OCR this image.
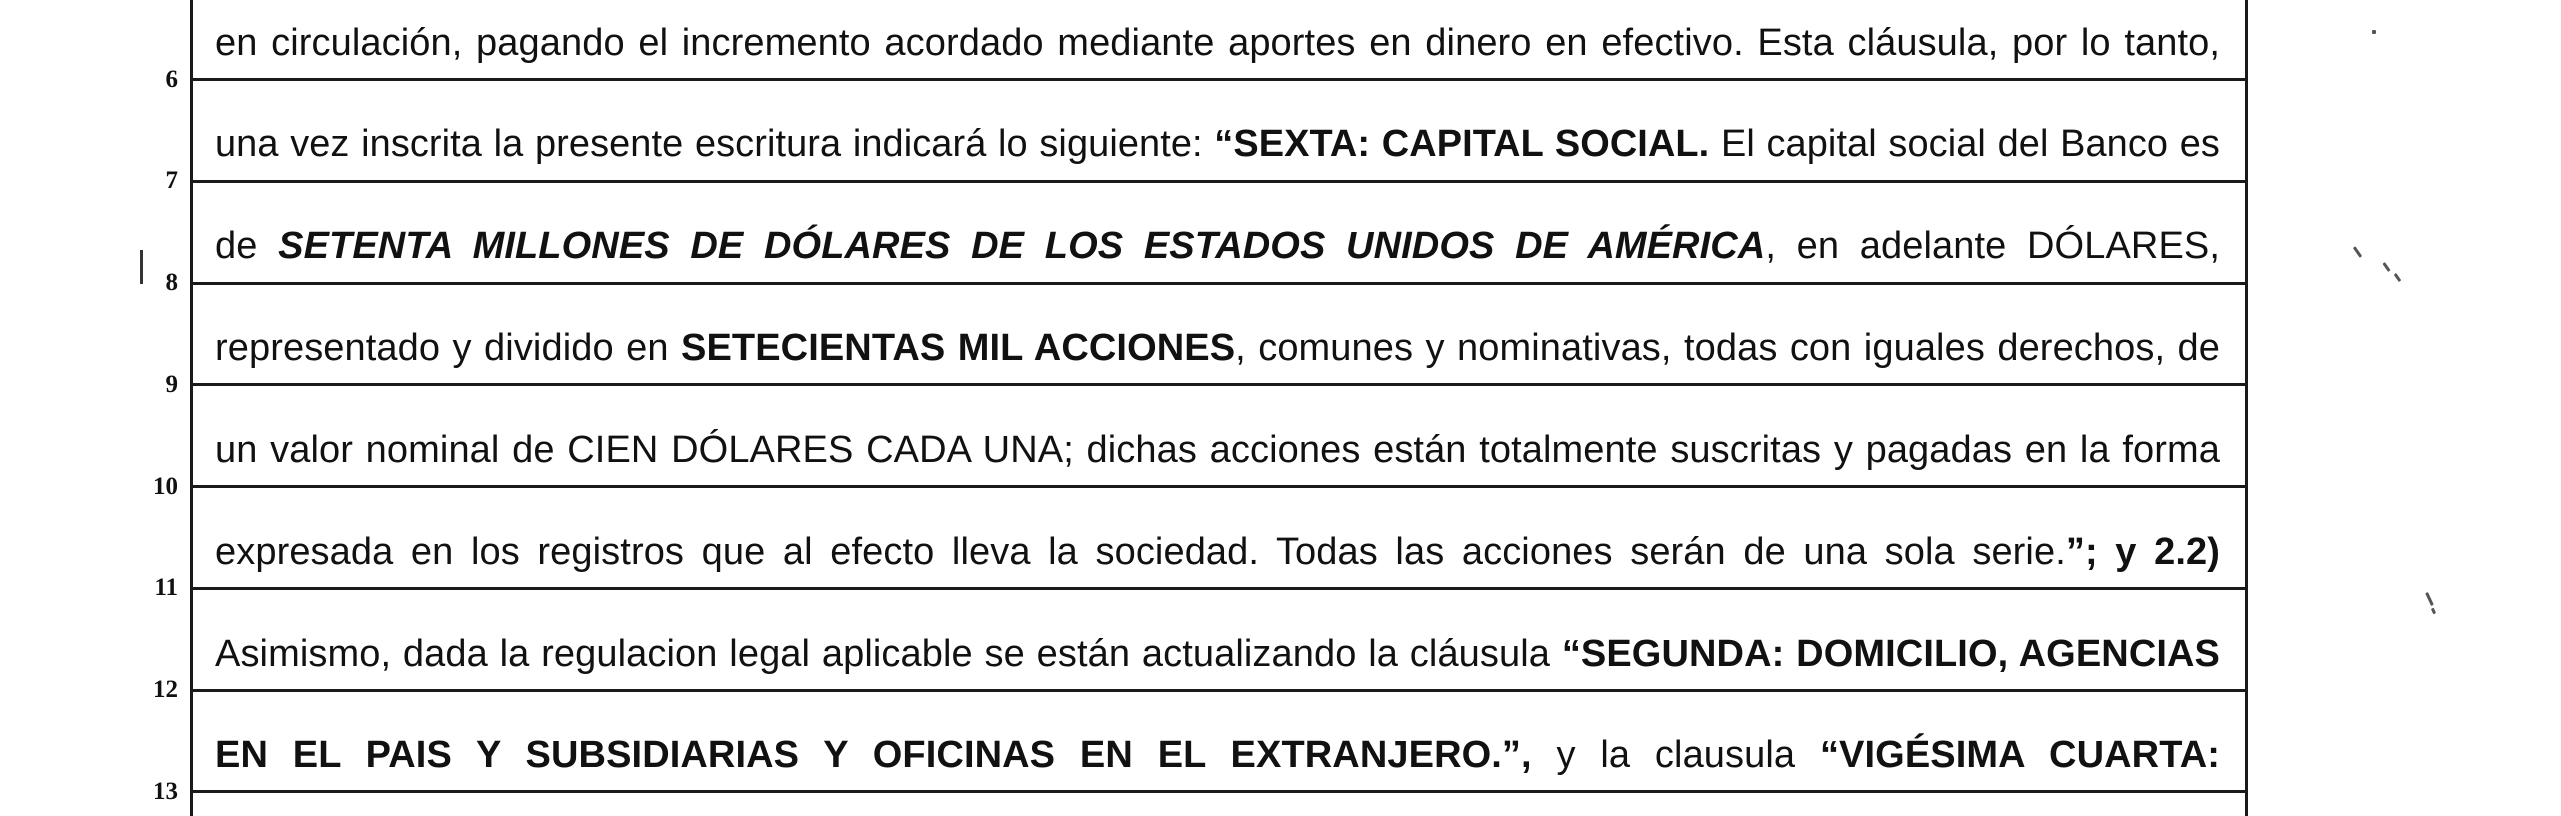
en circulación, pagando el incremento acordado mediante aportes en dinero en efectivo. Esta cláusula, por lo tanto,
6
una vez inscrita la presente escritura indicará lo siguiente: “SEXTA: CAPITAL SOCIAL. El capital social del Banco es
7
de SETENTA MILLONES DE DÓLARES DE LOS ESTADOS UNIDOS DE AMÉRICA, en adelante DÓLARES,
8
representado y dividido en SETECIENTAS MIL ACCIONES, comunes y nominativas, todas con iguales derechos, de
9
un valor nominal de CIEN DÓLARES CADA UNA; dichas acciones están totalmente suscritas y pagadas en la forma
10
expresada en los registros que al efecto lleva la sociedad. Todas las acciones serán de una sola serie.”; y 2.2)
11
Asimismo, dada la regulacion legal aplicable se están actualizando la cláusula “SEGUNDA: DOMICILIO, AGENCIAS
12
EN EL PAIS Y SUBSIDIARIAS Y OFICINAS EN EL EXTRANJERO.”, y la clausula “VIGÉSIMA CUARTA:
13
